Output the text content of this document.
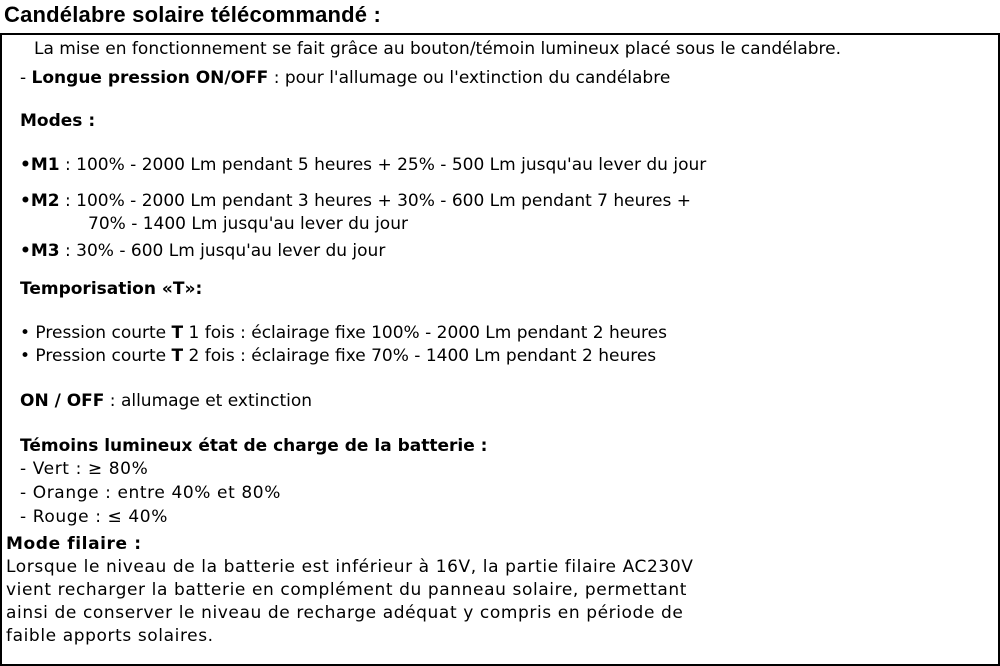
Candélabre solaire télécommandé :
La mise en fonctionnement se fait grâce au bouton/témoin lumineux placé sous le candélabre.
- Longue pression ON/OFF : pour l'allumage ou l'extinction du candélabre
Modes :
•M1 : 100% - 2000 Lm pendant 5 heures + 25% - 500 Lm jusqu'au lever du jour
•M2 : 100% - 2000 Lm pendant 3 heures + 30% - 600 Lm pendant 7 heures +
70% - 1400 Lm jusqu'au lever du jour
•M3 : 30% - 600 Lm jusqu'au lever du jour
Temporisation «T»:
• Pression courte T 1 fois : éclairage fixe 100% - 2000 Lm pendant 2 heures
• Pression courte T 2 fois : éclairage fixe 70% - 1400 Lm pendant 2 heures
ON / OFF : allumage et extinction
Témoins lumineux état de charge de la batterie :
- Vert : ≥ 80%
- Orange : entre 40% et 80%
- Rouge : ≤ 40%
Mode filaire :
Lorsque le niveau de la batterie est inférieur à 16V, la partie filaire AC230V
vient recharger la batterie en complément du panneau solaire, permettant
ainsi de conserver le niveau de recharge adéquat y compris en période de
faible apports solaires.
